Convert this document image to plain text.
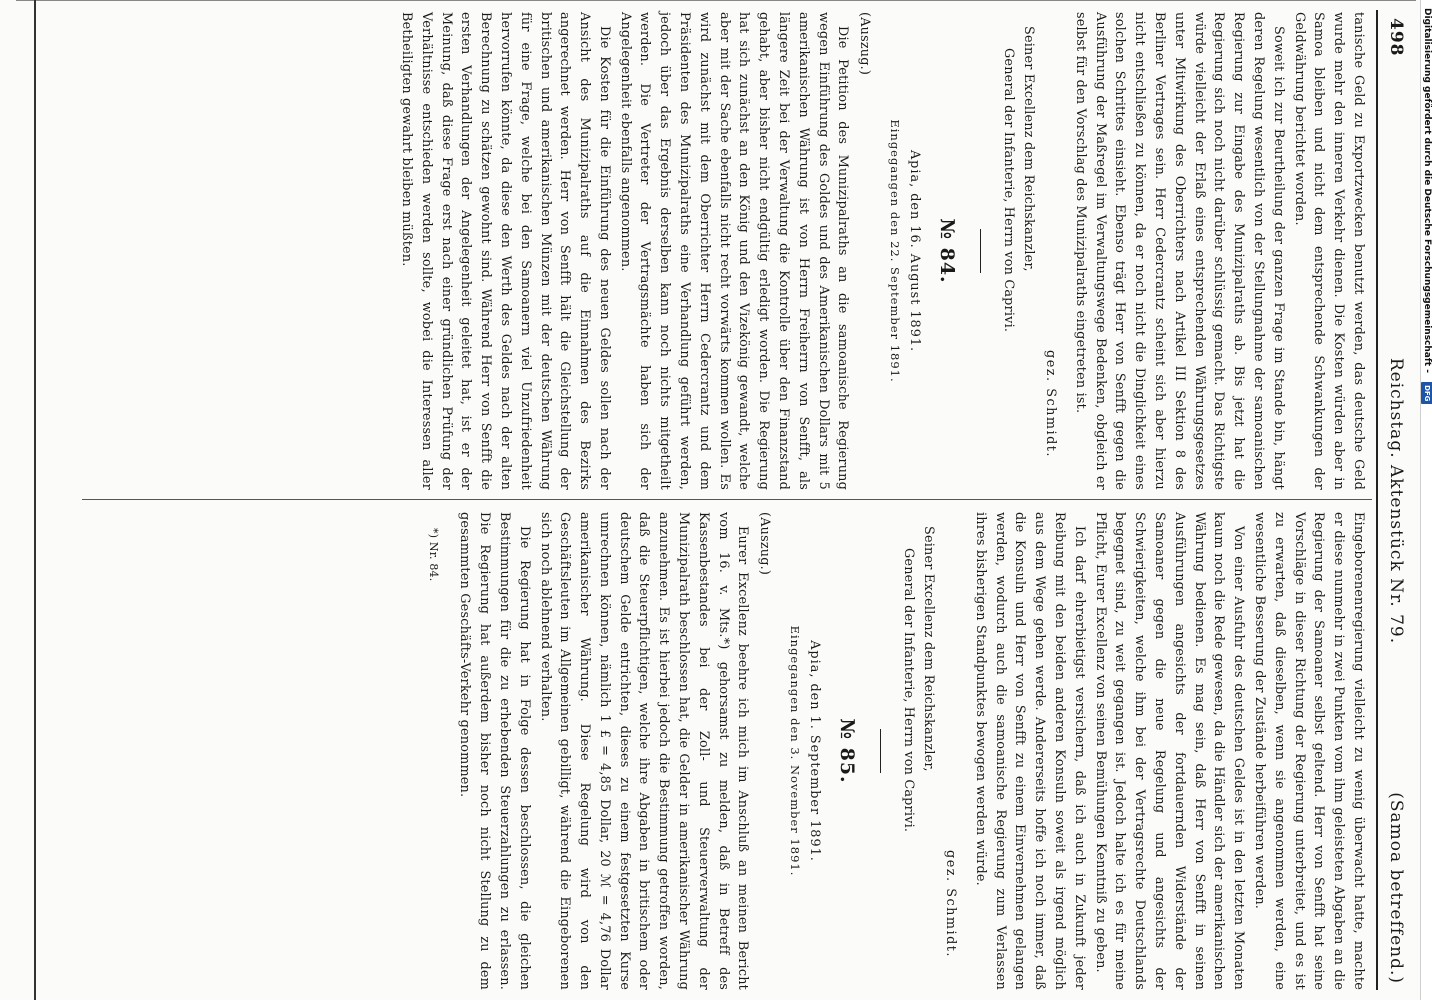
498
Reichstag. Aktenstück Nr. 79.
(Samoa betreffend.)

tanische Geld zu Exportzwecken benutzt werden, das deutsche Geld wurde mehr den inneren Verkehr dienen. Die Kosten würden aber in Samoa bleiben und nicht dem entsprechende Schwankungen der Geldwährung berichtet worden.

Soweit ich zur Beurtheilung der ganzen Frage im Stande bin, hängt deren Regelung wesentlich von der Stellungnahme der samoanischen Regierung zur Eingabe des Munizipalraths ab. Bis jetzt hat die Regierung sich noch nicht darüber schlüssig gemacht. Das Richtigste würde vielleicht der Erlaß eines entsprechenden Währungsgesetzes unter Mitwirkung des Oberrichters nach Artikel III Sektion 8 des Berliner Vertrages sein. Herr Cedercrantz scheint sich aber hierzu nicht entschließen zu können, da er noch nicht die Dinglichkeit eines solchen Schrittes einsieht. Ebenso trägt Herr von Senfft gegen die Ausführung der Maßregel im Verwaltungswege Bedenken, obgleich er selbst für den Vorschlag des Munizipalraths eingetreten ist.

gez. Schmidt.

Seiner Excellenz dem Reichskanzler,

General der Infanterie, Herrn von Caprivi.

№ 84.

Apia, den 16. August 1891.

Eingegangen den 22. September 1891.

(Auszug.)

Die Petition des Munizipalraths an die samoanische Regierung wegen Einführung des Goldes und des Amerikanischen Dollars mit 5 amerikanischen Währung ist von Herrn Freiherrn von Senfft, als längere Zeit bei der Verwaltung die Kontrolle über den Finanzstand gehabt, aber bisher nicht endgültig erledigt worden. Die Regierung hat sich zunächst an den König und den Vizekönig gewandt, welche aber mit der Sache ebenfalls nicht recht vorwärts kommen wollen. Es wird zunächst mit dem Oberrichter Herrn Cedercrantz und dem Präsidenten des Munizipalraths eine Verhandlung geführt werden, jedoch über das Ergebnis derselben kann noch nichts mitgetheilt werden. Die Vertreter der Vertragsmächte haben sich der Angelegenheit ebenfalls angenommen.

Die Kosten für die Einführung des neuen Geldes sollen nach der Ansicht des Munizipalraths auf die Einnahmen des Bezirks angerechnet werden. Herr von Senfft hält die Gleichstellung der britischen und amerikanischen Münzen mit der deutschen Währung für eine Frage, welche bei den Samoanern viel Unzufriedenheit hervorrufen könnte, da diese den Werth des Geldes nach der alten Berechnung zu schätzen gewohnt sind. Während Herr von Senfft die ersten Verhandlungen der Angelegenheit geleitet hat, ist er der Meinung, daß diese Frage erst nach einer gründlichen Prüfung der Verhältnisse entschieden werden sollte, wobei die Interessen aller Betheiligten gewahrt bleiben müßten.

Eingeborenenregierung vielleicht zu wenig überwacht hatte, machte er diese nunmehr in zwei Punkten vom ihm geleisteten Abgaben an die Regierung der Samoaner selbst geltend. Herr von Senfft hat seine Vorschläge in dieser Richtung der Regierung unterbreitet, und es ist zu erwarten, daß dieselben, wenn sie angenommen werden, eine wesentliche Besserung der Zustände herbeiführen werden.

Von einer Ausfuhr des deutschen Geldes ist in den letzten Monaten kaum noch die Rede gewesen, da die Händler sich der amerikanischen Währung bedienen. Es mag sein, daß Herr von Senfft in seinen Ausführungen angesichts der fortdauernden Widerstände der Samoaner gegen die neue Regelung und angesichts der Schwierigkeiten, welche ihm bei der Vertragsrechte Deutschlands begegnet sind, zu weit gegangen ist. Jedoch halte ich es für meine Pflicht, Eurer Excellenz von seinen Bemühungen Kenntniß zu geben.

Ich darf ehrerbietigst versichern, daß ich auch in Zukunft jeder Reibung mit den beiden anderen Konsuln soweit als irgend möglich aus dem Wege gehen werde. Andererseits hoffe ich noch immer, daß die Konsuln und Herr von Senfft zu einem Einvernehmen gelangen werden, wodurch auch die samoanische Regierung zum Verlassen ihres bisherigen Standpunktes bewogen werden würde.

gez. Schmidt.

Seiner Excellenz dem Reichskanzler,

General der Infanterie, Herrn von Caprivi.

№ 85.

Apia, den 1. September 1891.

Eingegangen den 3. November 1891.

(Auszug.)

Eurer Excellenz beehre ich mich im Anschluß an meinen Bericht vom 16. v. Mts.*) gehorsamst zu melden, daß in Betreff des Kassenbestandes bei der Zoll- und Steuerverwaltung der Munizipalrath beschlossen hat, die Gelder in amerikanischer Währung anzunehmen. Es ist hierbei jedoch die Bestimmung getroffen worden, daß die Steuerpflichtigen, welche ihre Abgaben in britischem oder deutschem Gelde entrichten, dieses zu einem festgesetzten Kurse umrechnen können, nämlich 1 £ = 4,85 Dollar, 20 ℳ = 4,76 Dollar amerikanischer Währung. Diese Regelung wird von den Geschäftsleuten im Allgemeinen gebilligt, während die Eingeborenen sich noch ablehnend verhalten.

Die Regierung hat in Folge dessen beschlossen, die gleichen Bestimmungen für die zu erhebenden Steuerzahlungen zu erlassen. Die Regierung hat außerdem bisher noch nicht Stellung zu dem gesammten Geschäfts-Verkehr genommen.

*) Nr. 84.

Digitalisierung gefördert durch die Deutsche Forschungsgemeinschaft - DFG
